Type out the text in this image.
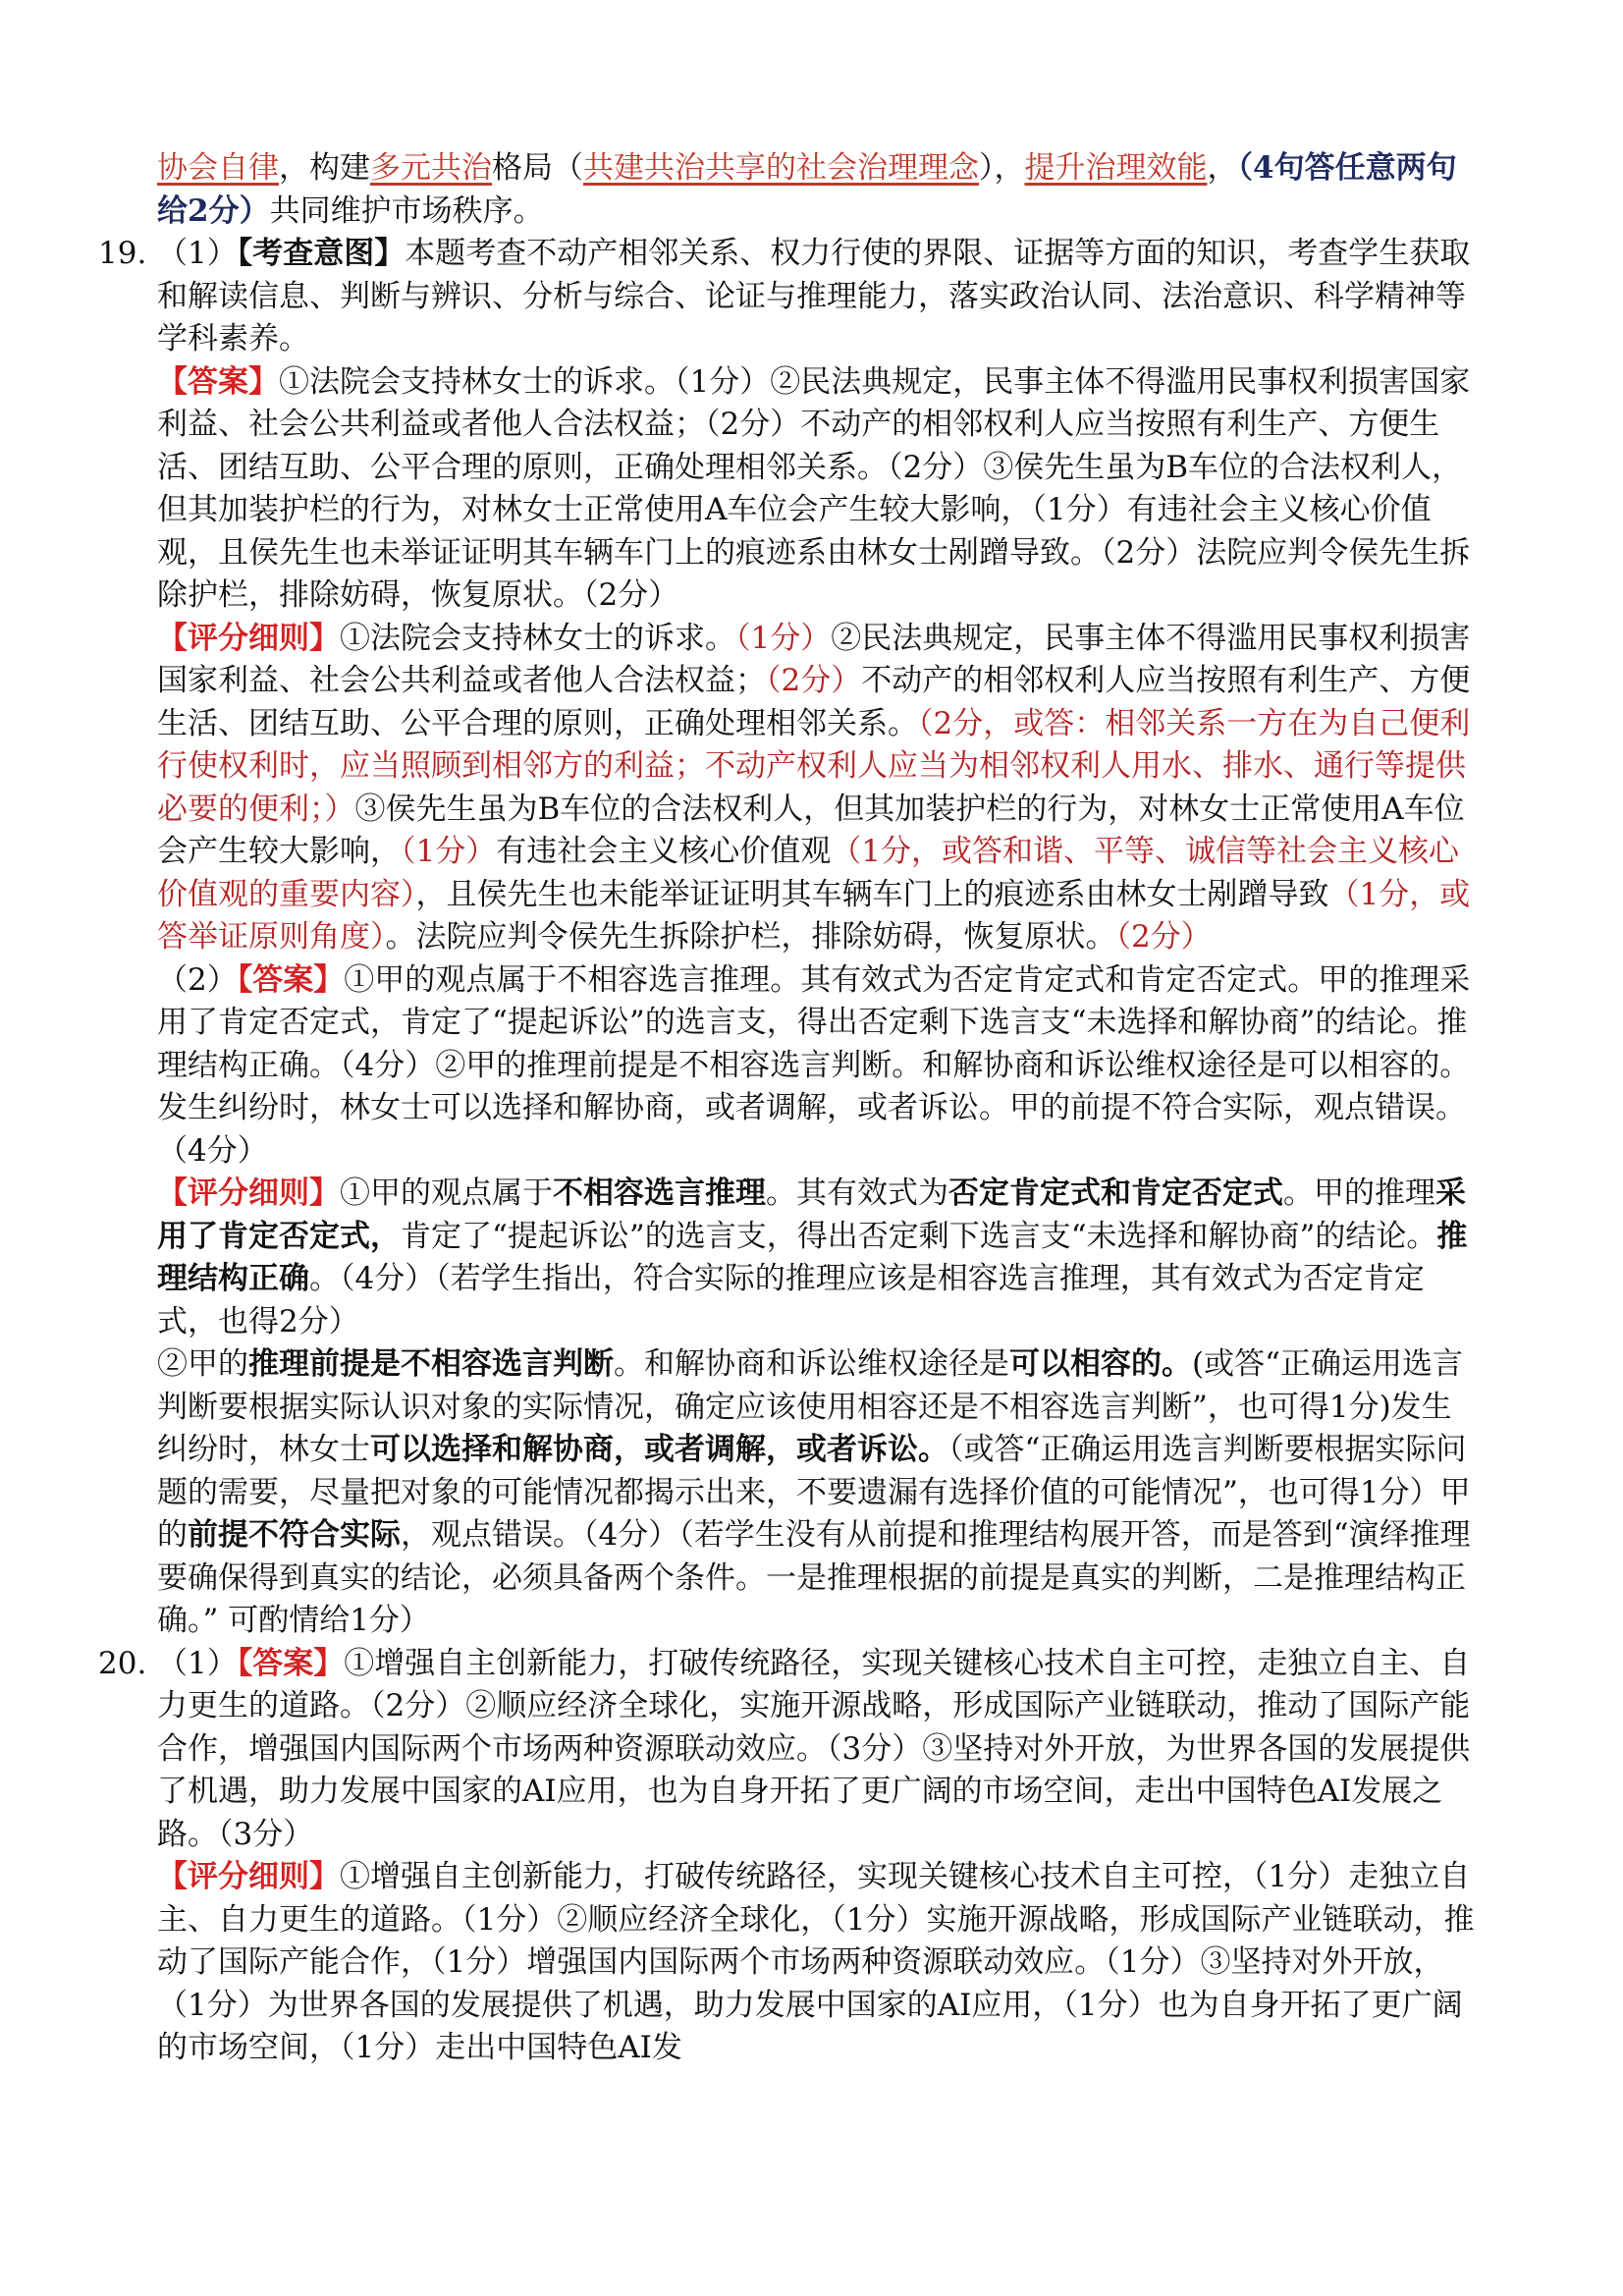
协会自律，构建多元共治格局（共建共治共享的社会治理理念），提升治理效能，（4句答任意两句给2分）共同维护市场秩序。

19. （1）【考查意图】本题考查不动产相邻关系、权力行使的界限、证据等方面的知识，考查学生获取和解读信息、判断与辨识、分析与综合、论证与推理能力，落实政治认同、法治意识、科学精神等学科素养。

【答案】①法院会支持林女士的诉求。（1分）②民法典规定，民事主体不得滥用民事权利损害国家利益、社会公共利益或者他人合法权益；（2分）不动产的相邻权利人应当按照有利生产、方便生活、团结互助、公平合理的原则，正确处理相邻关系。（2分）③侯先生虽为B车位的合法权利人，但其加装护栏的行为，对林女士正常使用A车位会产生较大影响，（1分）有违社会主义核心价值观，且侯先生也未举证证明其车辆车门上的痕迹系由林女士剐蹭导致。（2分）法院应判令侯先生拆除护栏，排除妨碍，恢复原状。（2分）

【评分细则】①法院会支持林女士的诉求。（1分）②民法典规定，民事主体不得滥用民事权利损害国家利益、社会公共利益或者他人合法权益；（2分）不动产的相邻权利人应当按照有利生产、方便生活、团结互助、公平合理的原则，正确处理相邻关系。（2分，或答：相邻关系一方在为自己便利行使权利时，应当照顾到相邻方的利益；不动产权利人应当为相邻权利人用水、排水、通行等提供必要的便利；）③侯先生虽为B车位的合法权利人，但其加装护栏的行为，对林女士正常使用A车位会产生较大影响，（1分）有违社会主义核心价值观（1分，或答和谐、平等、诚信等社会主义核心价值观的重要内容），且侯先生也未能举证证明其车辆车门上的痕迹系由林女士剐蹭导致（1分，或答举证原则角度）。法院应判令侯先生拆除护栏，排除妨碍，恢复原状。（2分）

（2）【答案】①甲的观点属于不相容选言推理。其有效式为否定肯定式和肯定否定式。甲的推理采用了肯定否定式，肯定了“提起诉讼”的选言支，得出否定剩下选言支“未选择和解协商”的结论。推理结构正确。（4分）②甲的推理前提是不相容选言判断。和解协商和诉讼维权途径是可以相容的。发生纠纷时，林女士可以选择和解协商，或者调解，或者诉讼。甲的前提不符合实际，观点错误。（4分）

【评分细则】①甲的观点属于不相容选言推理。其有效式为否定肯定式和肯定否定式。甲的推理采用了肯定否定式，肯定了“提起诉讼”的选言支，得出否定剩下选言支“未选择和解协商”的结论。推理结构正确。（4分）（若学生指出，符合实际的推理应该是相容选言推理，其有效式为否定肯定式，也得2分）

②甲的推理前提是不相容选言判断。和解协商和诉讼维权途径是可以相容的。(或答“正确运用选言判断要根据实际认识对象的实际情况，确定应该使用相容还是不相容选言判断”，也可得1分)发生纠纷时，林女士可以选择和解协商，或者调解，或者诉讼。（或答“正确运用选言判断要根据实际问题的需要，尽量把对象的可能情况都揭示出来，不要遗漏有选择价值的可能情况”，也可得1分）甲的前提不符合实际，观点错误。（4分）（若学生没有从前提和推理结构展开答，而是答到“演绎推理要确保得到真实的结论，必须具备两个条件。一是推理根据的前提是真实的判断，二是推理结构正确。” 可酌情给1分）

20. （1）【答案】①增强自主创新能力，打破传统路径，实现关键核心技术自主可控，走独立自主、自力更生的道路。（2分）②顺应经济全球化，实施开源战略，形成国际产业链联动，推动了国际产能合作，增强国内国际两个市场两种资源联动效应。（3分）③坚持对外开放，为世界各国的发展提供了机遇，助力发展中国家的AI应用，也为自身开拓了更广阔的市场空间，走出中国特色AI发展之路。（3分）

【评分细则】①增强自主创新能力，打破传统路径，实现关键核心技术自主可控，（1分）走独立自主、自力更生的道路。（1分）②顺应经济全球化，（1分）实施开源战略，形成国际产业链联动，推动了国际产能合作，（1分）增强国内国际两个市场两种资源联动效应。（1分）③坚持对外开放，（1分）为世界各国的发展提供了机遇，助力发展中国家的AI应用，（1分）也为自身开拓了更广阔的市场空间，（1分）走出中国特色AI发
